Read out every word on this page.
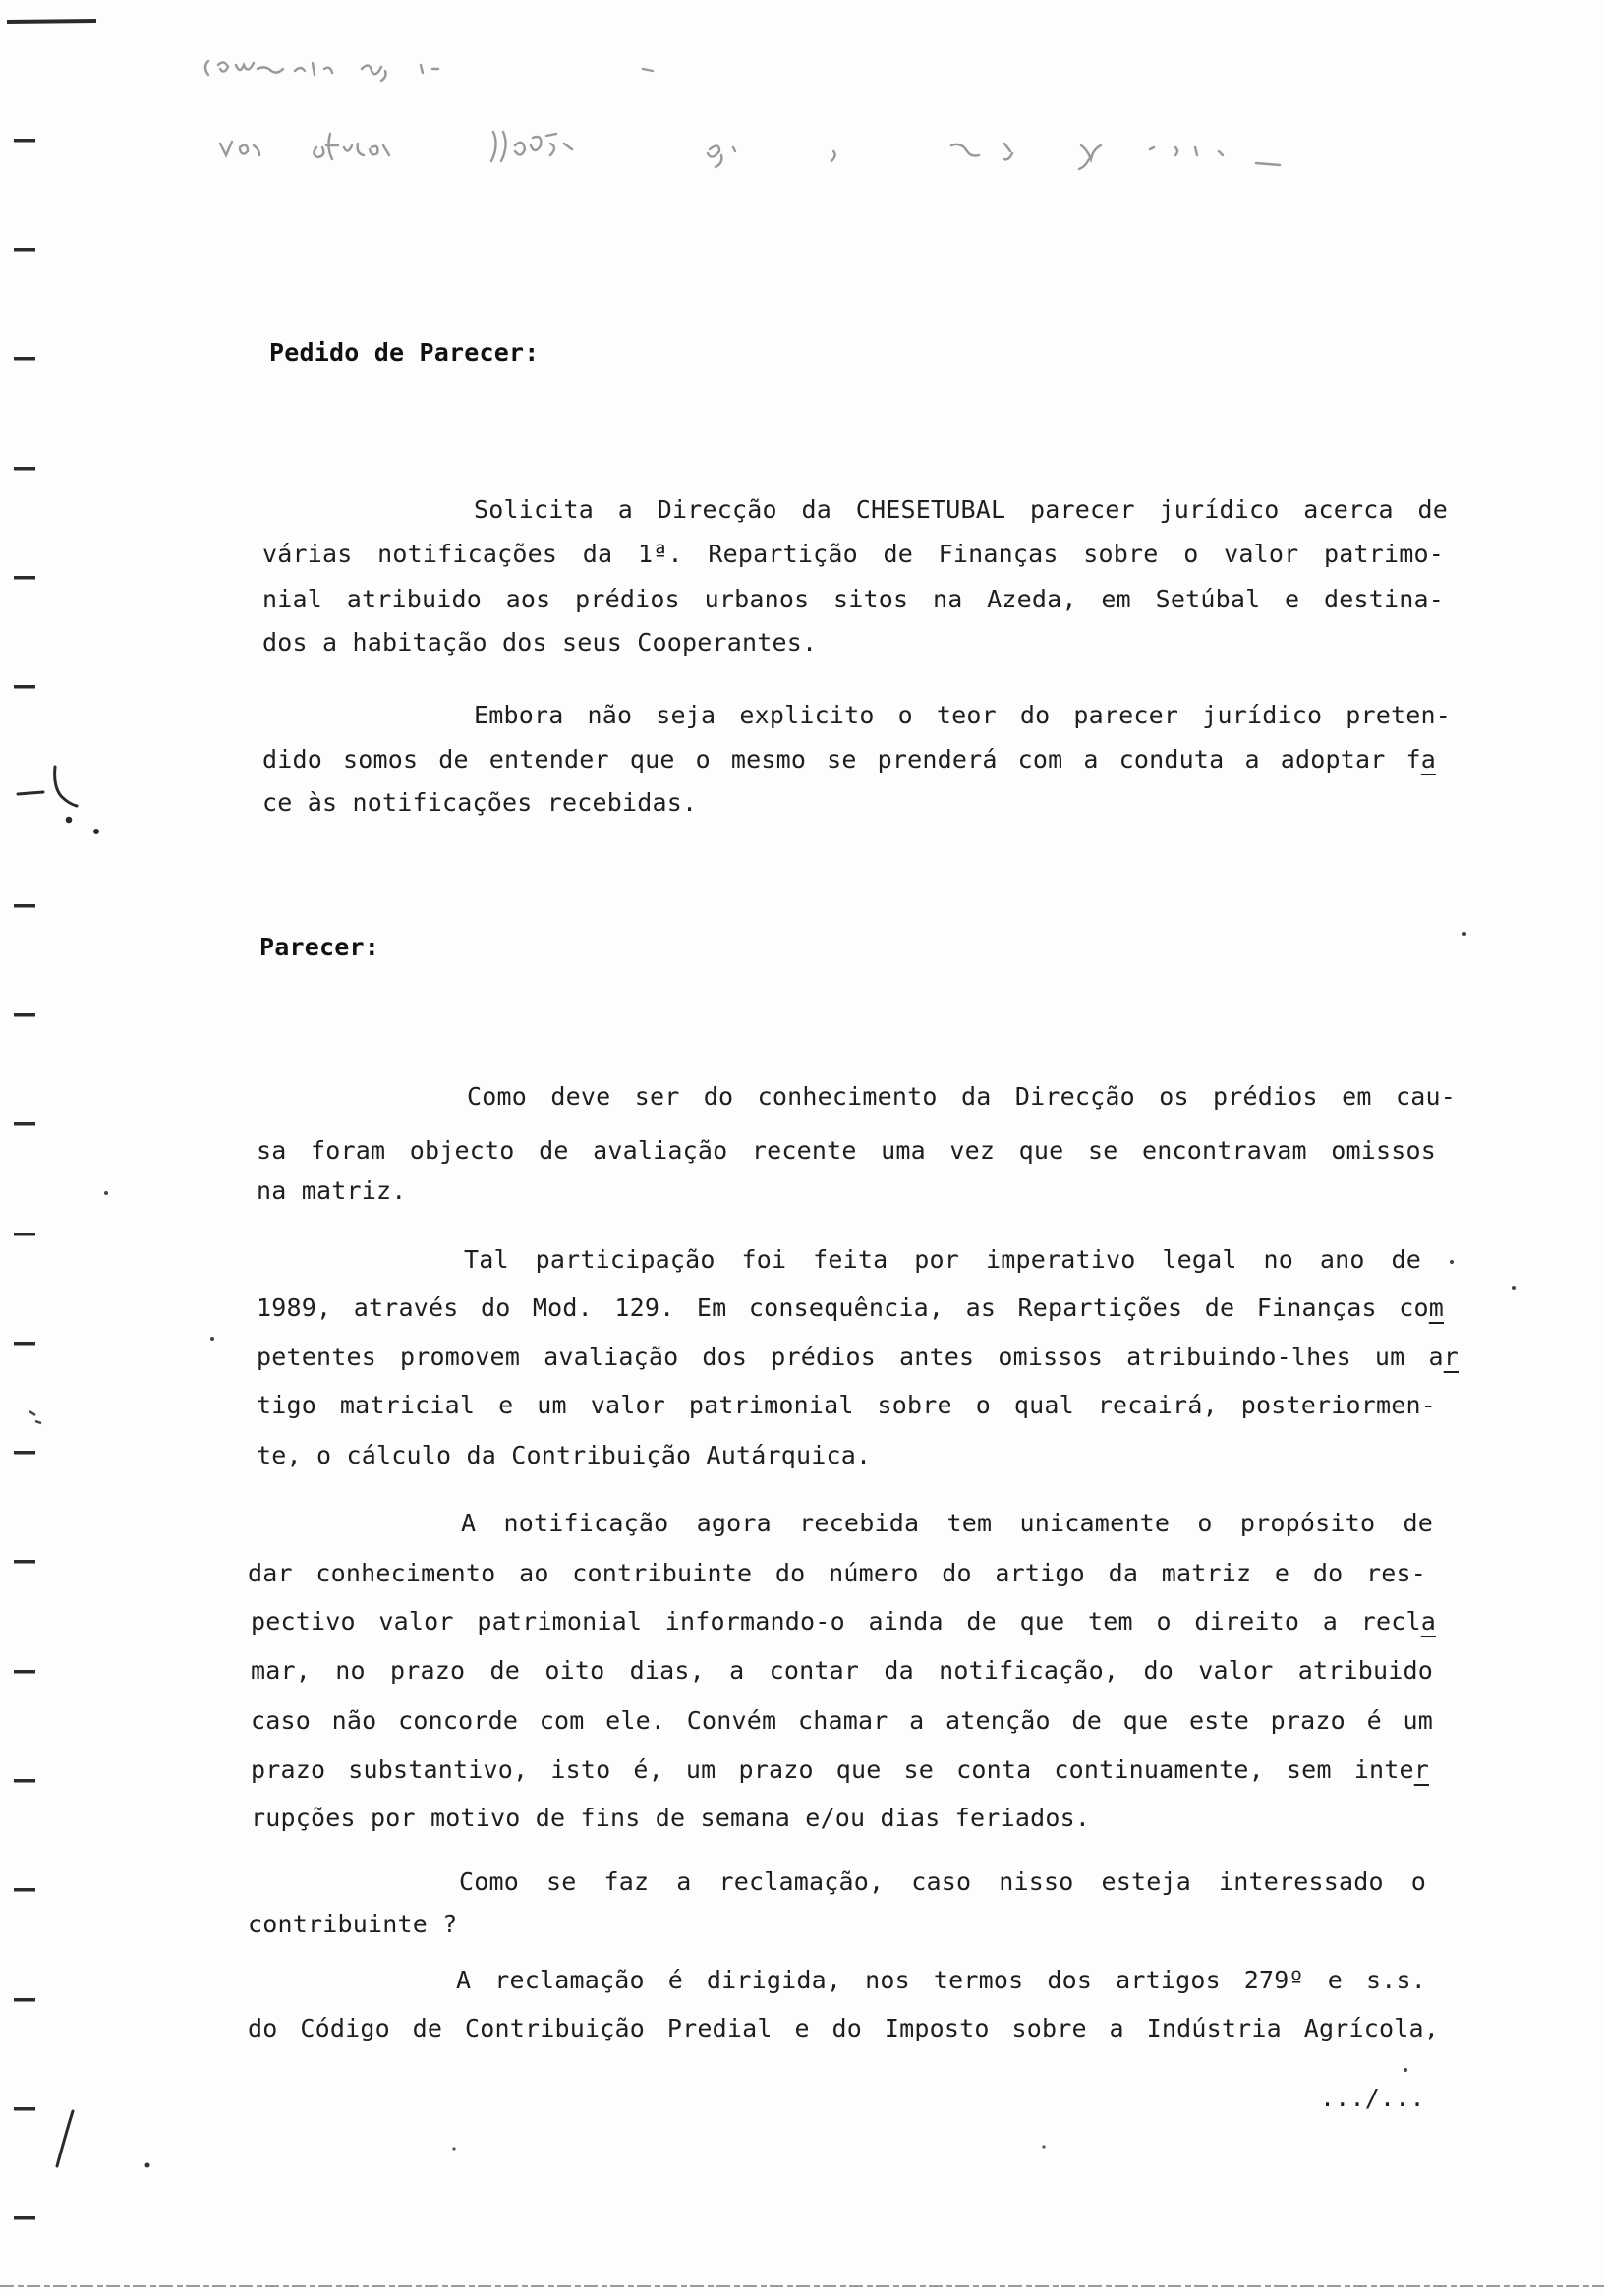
Pedido de Parecer:
Solicita a Direcção da CHESETUBAL parecer jurídico acerca de
várias notificações da 1ª. Repartição de Finanças sobre o valor patrimo-
nial atribuido aos prédios urbanos sitos na Azeda, em Setúbal e destina-
dos a habitação dos seus Cooperantes.
Embora não seja explicito o teor do parecer jurídico preten-
dido somos de entender que o mesmo se prenderá com a conduta a adoptar fa
ce às notificações recebidas.
Parecer:
Como deve ser do conhecimento da Direcção os prédios em cau-
sa foram objecto de avaliação recente uma vez que se encontravam omissos
na matriz.
Tal participação foi feita por imperativo legal no ano de
1989, através do Mod. 129. Em consequência, as Repartições de Finanças com
petentes promovem avaliação dos prédios antes omissos atribuindo-lhes um ar
tigo matricial e um valor patrimonial sobre o qual recairá, posteriormen-
te, o cálculo da Contribuição Autárquica.
A notificação agora recebida tem unicamente o propósito de
dar conhecimento ao contribuinte do número do artigo da matriz e do res-
pectivo valor patrimonial informando-o ainda de que tem o direito a recla
mar, no prazo de oito dias, a contar da notificação, do valor atribuido
caso não concorde com ele. Convém chamar a atenção de que este prazo é um
prazo substantivo, isto é, um prazo que se conta continuamente, sem inter
rupções por motivo de fins de semana e/ou dias feriados.
Como se faz a reclamação, caso nisso esteja interessado o
contribuinte ?
A reclamação é dirigida, nos termos dos artigos 279º e s.s.
do Código de Contribuição Predial e do Imposto sobre a Indústria Agrícola,
.../...
